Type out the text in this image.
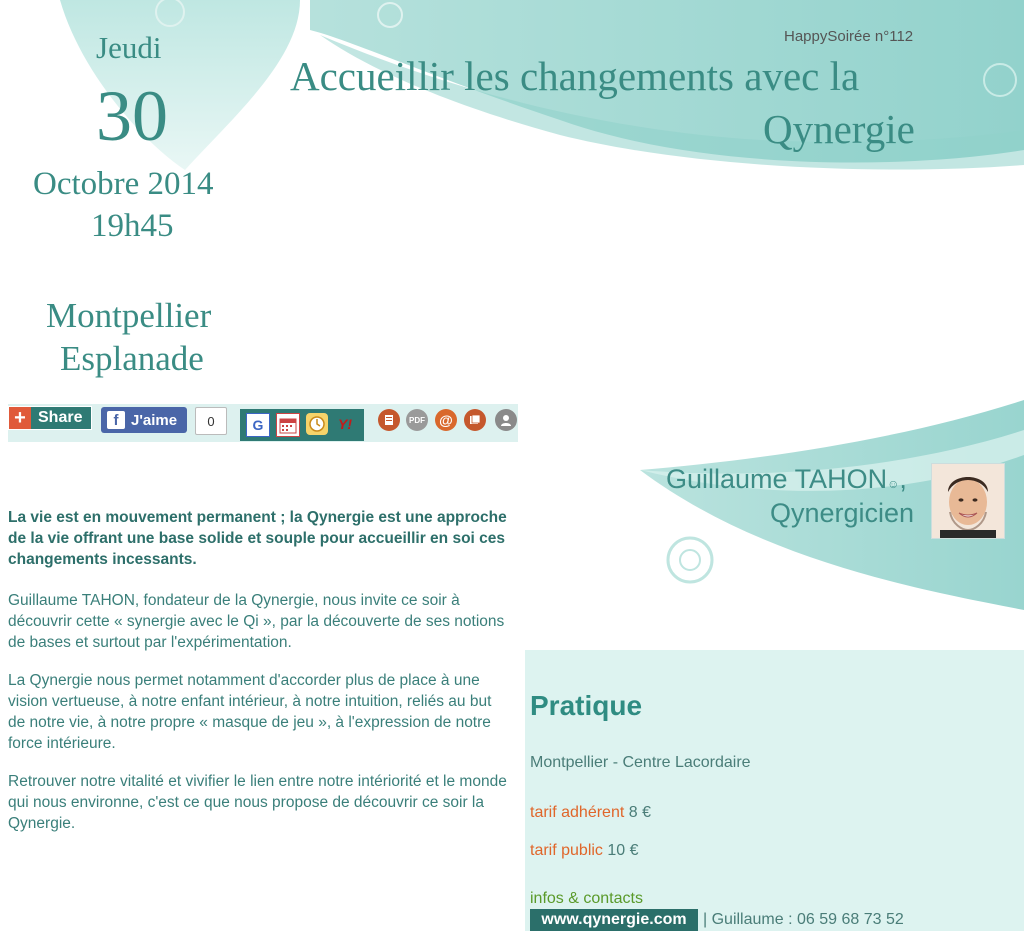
Jeudi
30
Octobre 2014
19h45
Montpellier
Esplanade
HappySoirée n°112
Accueillir les changements avec la
Qynergie
+ Share	f J'aime	0	G	Y!	PDF @
La vie est en mouvement permanent ; la Qynergie est une approche de la vie offrant une base solide et souple pour accueillir en soi ces changements incessants.
Guillaume TAHON, fondateur de la Qynergie, nous invite ce soir à découvrir cette « synergie avec le Qi », par la découverte de ses notions de bases et surtout par l'expérimentation.
La Qynergie nous permet notamment d'accorder plus de place à une vision vertueuse, à notre enfant intérieur, à notre intuition, reliés au but de notre vie, à notre propre « masque de jeu », à l'expression de notre force intérieure.
Retrouver notre vitalité et vivifier le lien entre notre intériorité et le monde qui nous environne, c'est ce que nous propose de découvrir ce soir la Qynergie.
Guillaume TAHON☺,
Qynergicien
Pratique
Montpellier - Centre Lacordaire
tarif adhérent 8 €
tarif public 10 €
infos & contacts
www.qynergie.com	| Guillaume : 06 59 68 73 52
